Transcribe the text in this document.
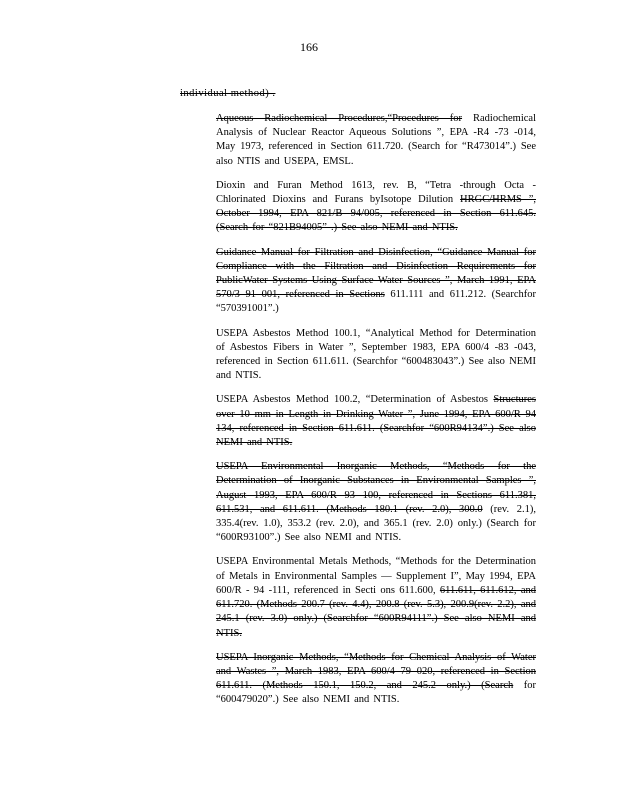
166
individual method) .
Aqueous Radiochemical Procedures,“Procedures for Radiochemical Analysis of Nuclear Reactor Aqueous Solutions ”, EPA -R4 -73 -014, May 1973, referenced in Section 611.720. (Search for “R473014”.) See also NTIS and USEPA, EMSL.
Dioxin and Furan Method 1613, rev. B, “Tetra -through Octa - Chlorinated Dioxins and Furans byIsotope Dilution HRGC/HRMS ”, October 1994, EPA 821/B 94/005, referenced in Section 611.645. (Search for “821B94005” .) See also NEMI and NTIS.
Guidance Manual for Filtration and Disinfection, “Guidance Manual for Compliance with the Filtration and Disinfection Requirements for PublicWater Systems Using Surface Water Sources ”, March 1991, EPA 570/3 91 001, referenced in Sections 611.111 and 611.212. (Searchfor “570391001”.)
USEPA Asbestos Method 100.1, “Analytical Method for Determination of Asbestos Fibers in Water ”, September 1983, EPA 600/4 -83 -043, referenced in Section 611.611. (Searchfor “600483043”.) See also NEMI and NTIS.
USEPA Asbestos Method 100.2, “Determination of Asbestos Structures over 10 mm in Length in Drinking Water ”, June 1994, EPA 600/R 94 134, referenced in Section 611.611. (Searchfor “600R94134”.) See also NEMI and NTIS.
USEPA Environmental Inorganic Methods, “Methods for the Determination of Inorganic Substances in Environmental Samples ”, August 1993, EPA 600/R 93 100, referenced in Sections 611.381, 611.531, and 611.611. (Methods 180.1 (rev. 2.0), 300.0 (rev. 2.1), 335.4(rev. 1.0), 353.2 (rev. 2.0), and 365.1 (rev. 2.0) only.) (Search for “600R93100”.) See also NEMI and NTIS.
USEPA Environmental Metals Methods, “Methods for the Determination of Metals in Environmental Samples — Supplement I”, May 1994, EPA 600/R - 94 -111, referenced in Secti ons 611.600, 611.611, 611.612, and 611.720. (Methods 200.7 (rev. 4.4), 200.8 (rev. 5.3), 200.9(rev. 2.2), and 245.1 (rev. 3.0) only.) (Searchfor “600R94111”.) See also NEMI and NTIS.
USEPA Inorganic Methods, “Methods for Chemical Analysis of Water and Wastes ”, March 1983, EPA 600/4 79 020, referenced in Section 611.611. (Methods 150.1, 150.2, and 245.2 only.) (Search for “600479020”.) See also NEMI and NTIS.
